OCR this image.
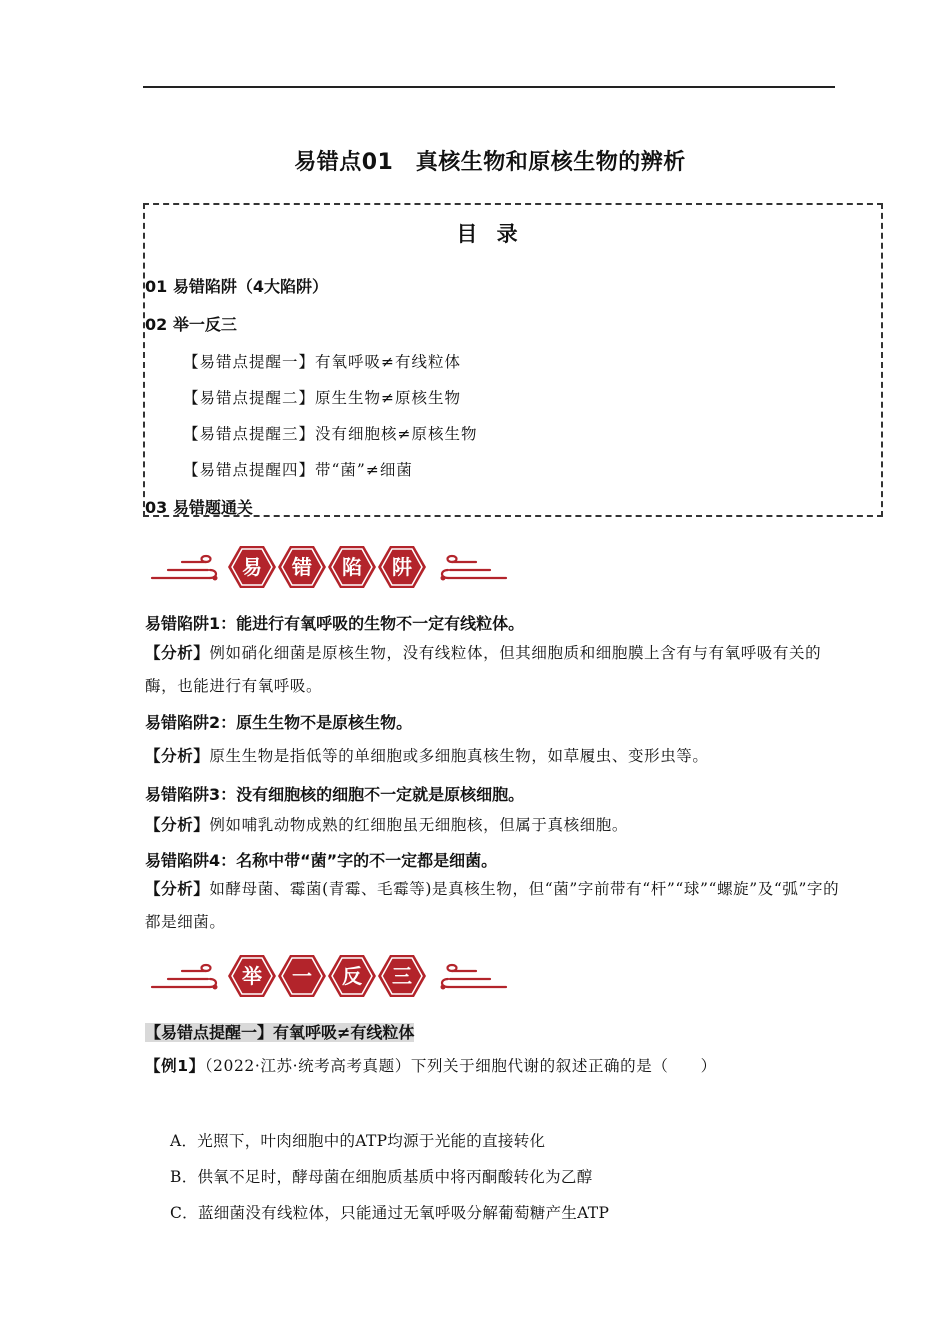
易错点01　真核生物和原核生物的辨析
目 录
01 易错陷阱（4大陷阱）
02 举一反三
【易错点提醒一】有氧呼吸≠有线粒体
【易错点提醒二】原生生物≠原核生物
【易错点提醒三】没有细胞核≠原核生物
【易错点提醒四】带“菌”≠细菌
03 易错题通关
易 错 陷 阱
易错陷阱1：能进行有氧呼吸的生物不一定有线粒体。
【分析】例如硝化细菌是原核生物，没有线粒体，但其细胞质和细胞膜上含有与有氧呼吸有关的酶，也能进行有氧呼吸。
易错陷阱2：原生生物不是原核生物。
【分析】原生生物是指低等的单细胞或多细胞真核生物，如草履虫、变形虫等。
易错陷阱3：没有细胞核的细胞不一定就是原核细胞。
【分析】例如哺乳动物成熟的红细胞虽无细胞核，但属于真核细胞。
易错陷阱4：名称中带“菌”字的不一定都是细菌。
【分析】如酵母菌、霉菌(青霉、毛霉等)是真核生物，但“菌”字前带有“杆”“球”“螺旋”及“弧”字的都是细菌。
举 一 反 三
【易错点提醒一】有氧呼吸≠有线粒体
【例1】（2022·江苏·统考高考真题）下列关于细胞代谢的叙述正确的是（　　）
A．光照下，叶肉细胞中的ATP均源于光能的直接转化
B．供氧不足时，酵母菌在细胞质基质中将丙酮酸转化为乙醇
C．蓝细菌没有线粒体，只能通过无氧呼吸分解葡萄糖产生ATP
